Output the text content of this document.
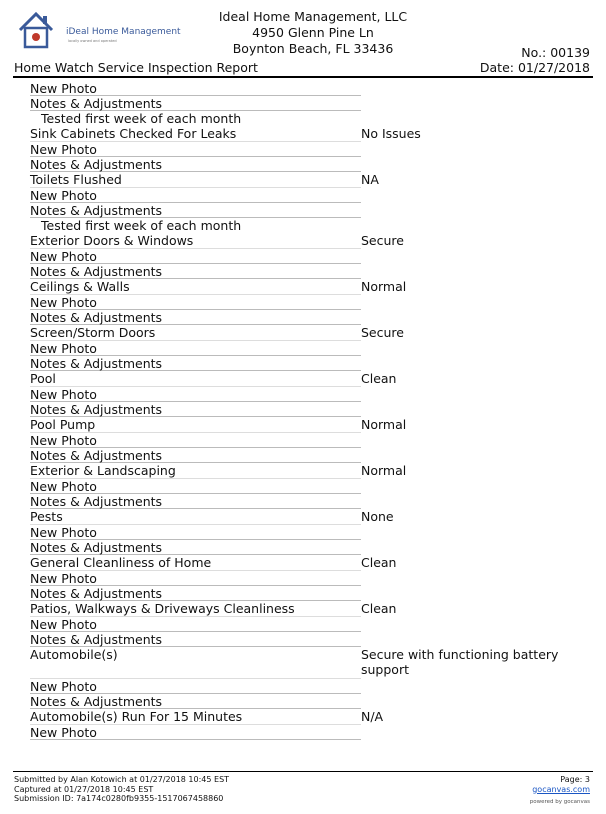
iDeal Home Management
locally owned and operated
Ideal Home Management, LLC
4950 Glenn Pine Ln
Boynton Beach, FL 33436
Home Watch Service Inspection Report
No.: 00139
Date: 01/27/2018
New Photo
Notes & Adjustments
Tested first week of each month
Sink Cabinets Checked For Leaks	No Issues
New Photo
Notes & Adjustments
Toilets Flushed	NA
New Photo
Notes & Adjustments
Tested first week of each month
Exterior Doors & Windows	Secure
New Photo
Notes & Adjustments
Ceilings & Walls	Normal
New Photo
Notes & Adjustments
Screen/Storm Doors	Secure
New Photo
Notes & Adjustments
Pool	Clean
New Photo
Notes & Adjustments
Pool Pump	Normal
New Photo
Notes & Adjustments
Exterior & Landscaping	Normal
New Photo
Notes & Adjustments
Pests	None
New Photo
Notes & Adjustments
General Cleanliness of Home	Clean
New Photo
Notes & Adjustments
Patios, Walkways & Driveways Cleanliness	Clean
New Photo
Notes & Adjustments
Automobile(s)	Secure with functioning battery support
New Photo
Notes & Adjustments
Automobile(s) Run For 15 Minutes	N/A
New Photo
Submitted by Alan Kotowich at 01/27/2018 10:45 EST
Captured at 01/27/2018 10:45 EST
Submission ID: 7a174c0280fb9355-1517067458860
Page: 3
gocanvas.com
powered by gocanvas
